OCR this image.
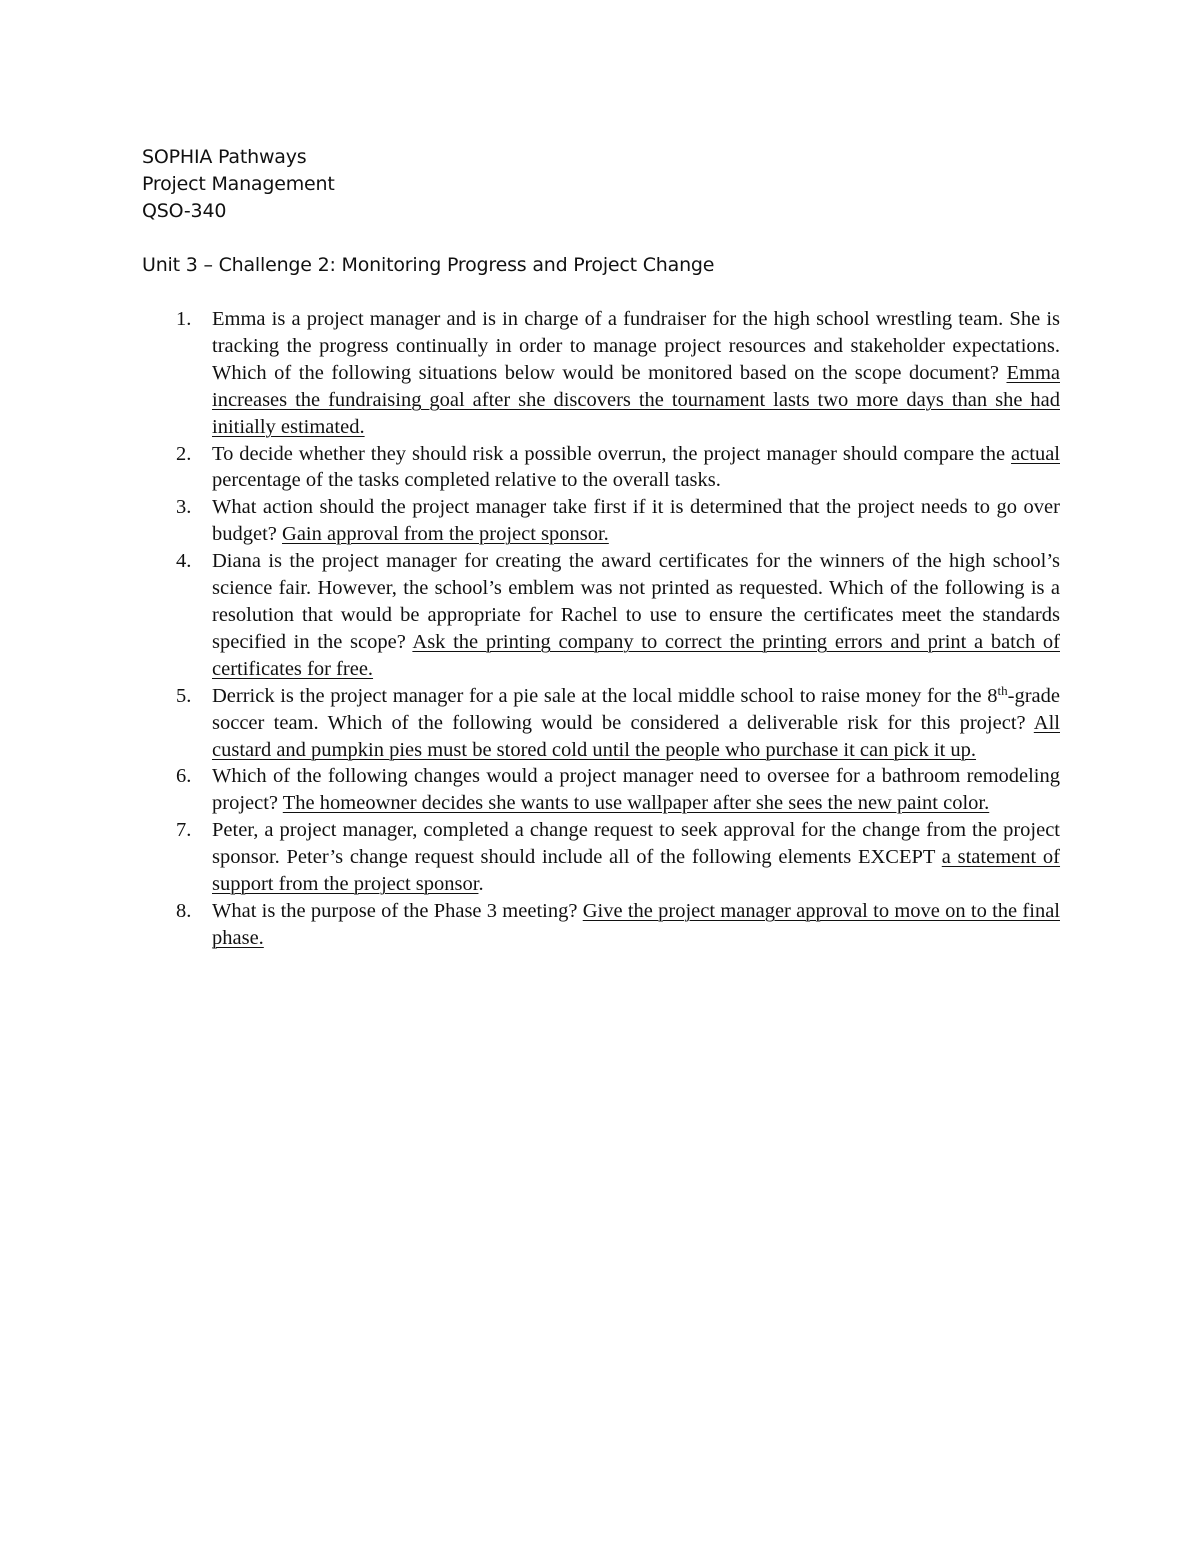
SOPHIA Pathways
Project Management
QSO-340
Unit 3 – Challenge 2: Monitoring Progress and Project Change
1. Emma is a project manager and is in charge of a fundraiser for the high school wrestling team. She is tracking the progress continually in order to manage project resources and stakeholder expectations. Which of the following situations below would be monitored based on the scope document? Emma increases the fundraising goal after she discovers the tournament lasts two more days than she had initially estimated.
2. To decide whether they should risk a possible overrun, the project manager should compare the actual percentage of the tasks completed relative to the overall tasks.
3. What action should the project manager take first if it is determined that the project needs to go over budget? Gain approval from the project sponsor.
4. Diana is the project manager for creating the award certificates for the winners of the high school’s science fair. However, the school’s emblem was not printed as requested. Which of the following is a resolution that would be appropriate for Rachel to use to ensure the certificates meet the standards specified in the scope? Ask the printing company to correct the printing errors and print a batch of certificates for free.
5. Derrick is the project manager for a pie sale at the local middle school to raise money for the 8th-grade soccer team. Which of the following would be considered a deliverable risk for this project? All custard and pumpkin pies must be stored cold until the people who purchase it can pick it up.
6. Which of the following changes would a project manager need to oversee for a bathroom remodeling project? The homeowner decides she wants to use wallpaper after she sees the new paint color.
7. Peter, a project manager, completed a change request to seek approval for the change from the project sponsor. Peter’s change request should include all of the following elements EXCEPT a statement of support from the project sponsor.
8. What is the purpose of the Phase 3 meeting? Give the project manager approval to move on to the final phase.
